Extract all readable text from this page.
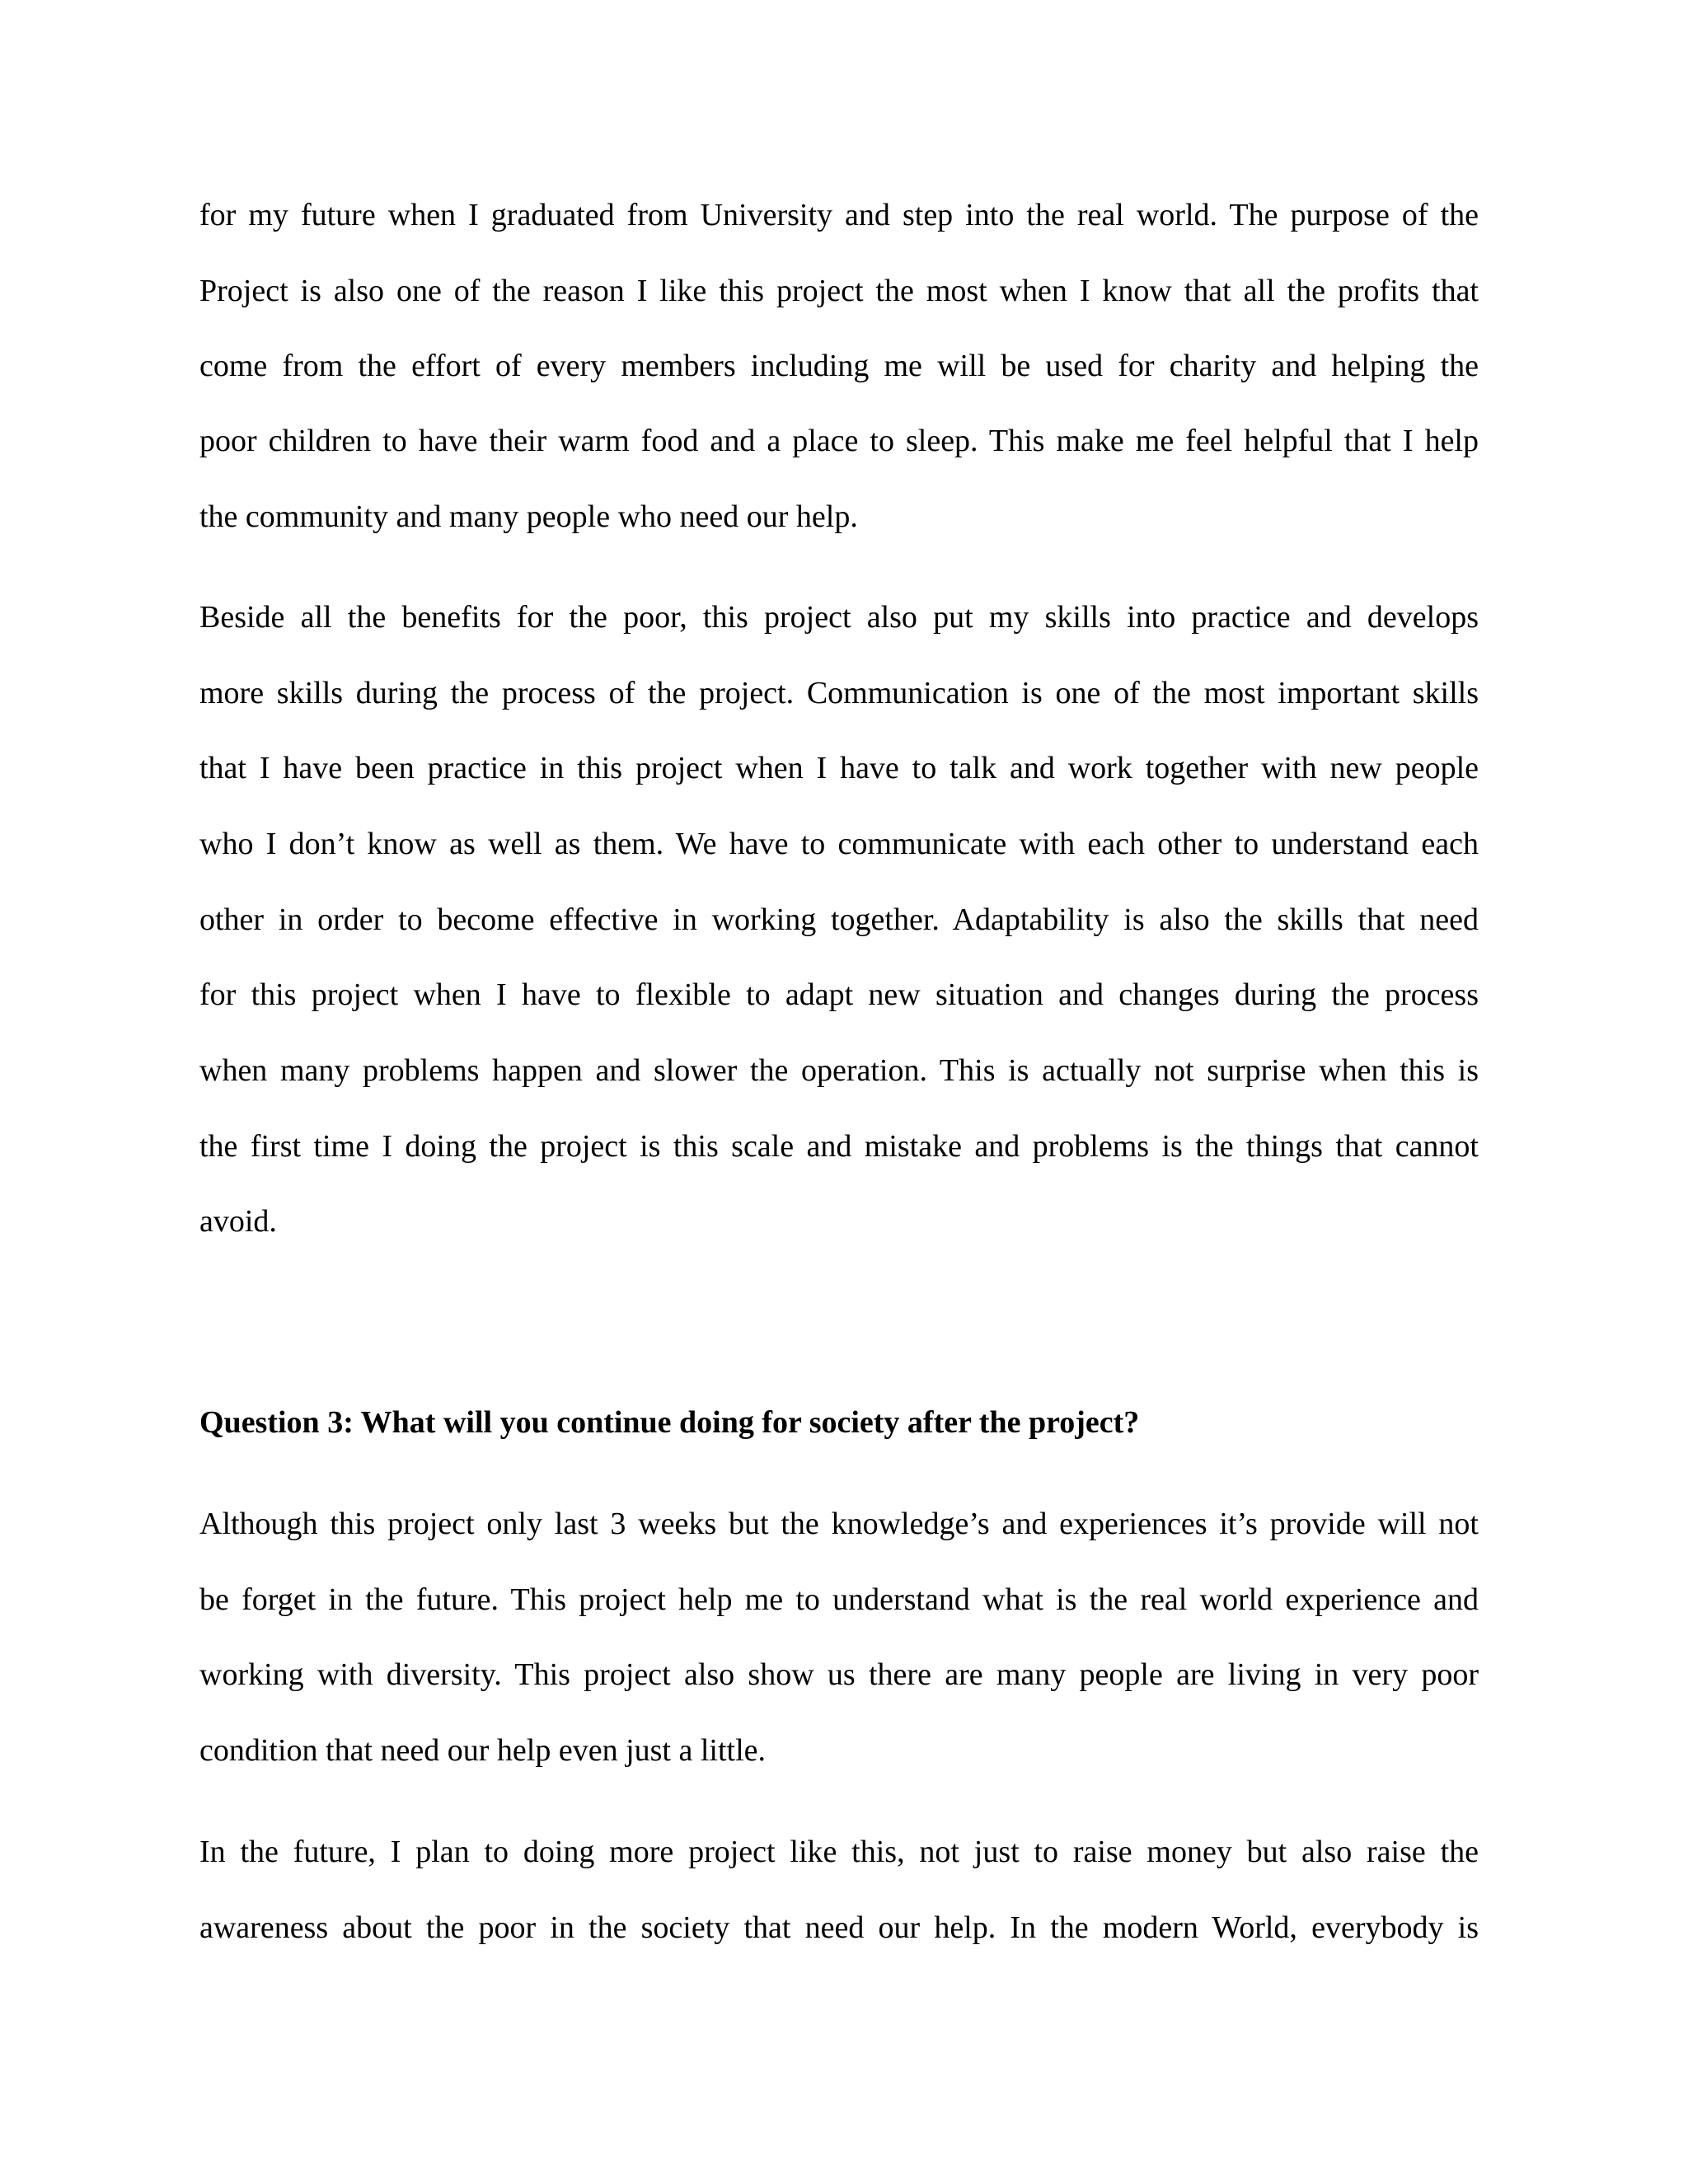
for my future when I graduated from University and step into the real world. The purpose of the
Project is also one of the reason I like this project the most when I know that all the profits that
come from the effort of every members including me will be used for charity and helping the
poor children to have their warm food and a place to sleep. This make me feel helpful that I help
the community and many people who need our help.
Beside all the benefits for the poor, this project also put my skills into practice and develops
more skills during the process of the project. Communication is one of the most important skills
that I have been practice in this project when I have to talk and work together with new people
who I don’t know as well as them. We have to communicate with each other to understand each
other in order to become effective in working together. Adaptability is also the skills that need
for this project when I have to flexible to adapt new situation and changes during the process
when many problems happen and slower the operation. This is actually not surprise when this is
the first time I doing the project is this scale and mistake and problems is the things that cannot
avoid.
Question 3: What will you continue doing for society after the project?
Although this project only last 3 weeks but the knowledge’s and experiences it’s provide will not
be forget in the future. This project help me to understand what is the real world experience and
working with diversity. This project also show us there are many people are living in very poor
condition that need our help even just a little.
In the future, I plan to doing more project like this, not just to raise money but also raise the
awareness about the poor in the society that need our help. In the modern World, everybody is
